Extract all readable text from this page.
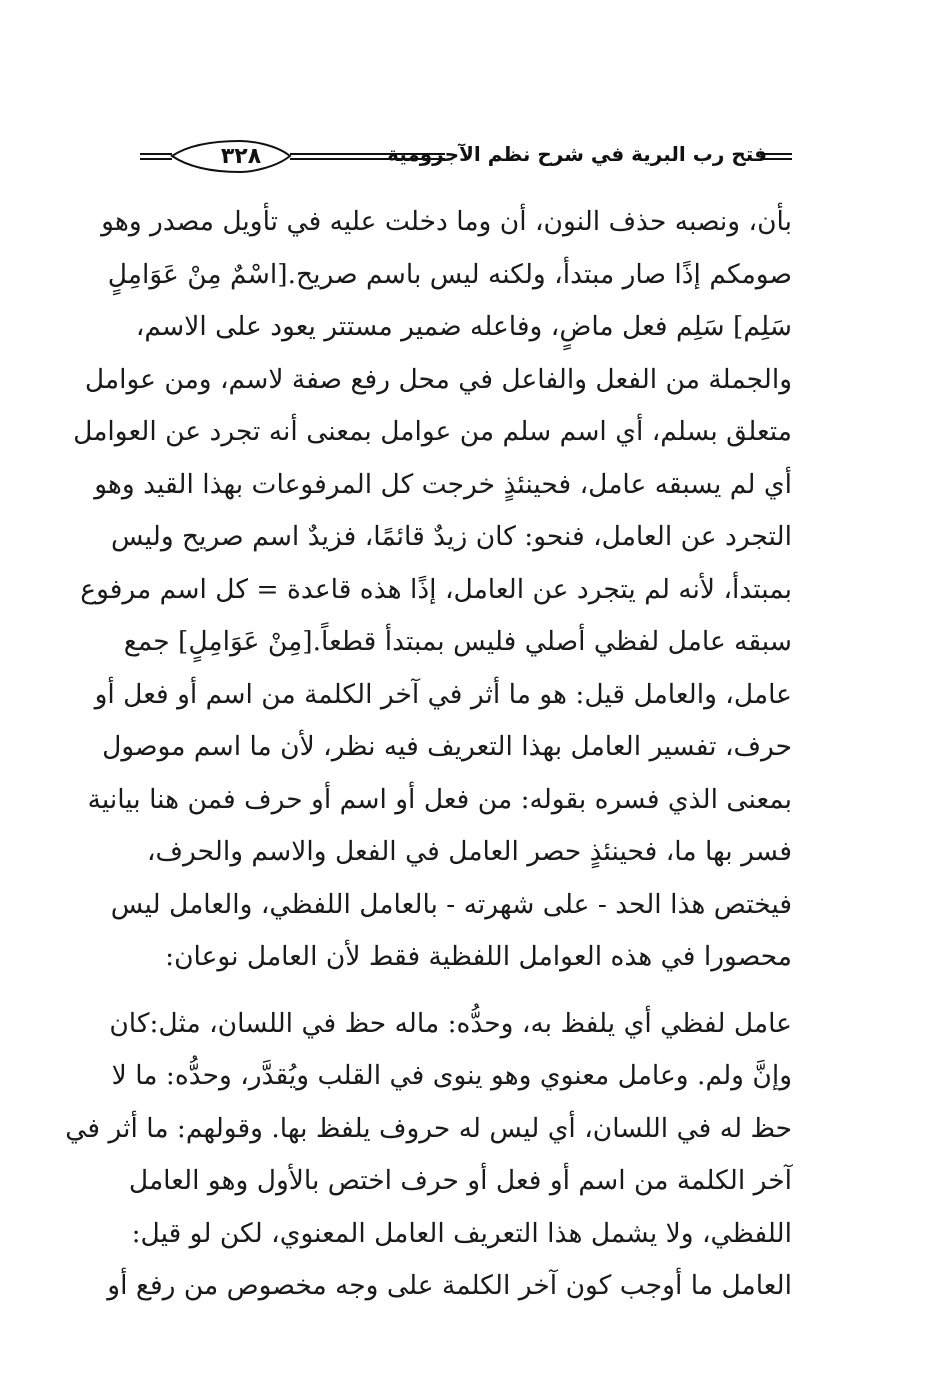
فتح رب البرية في شرح نظم الآجرومية
٣٢٨
بأن، ونصبه حذف النون، أن وما دخلت عليه في تأويل مصدر وهو
صومكم إذًا صار مبتدأ، ولكنه ليس باسم صريح.[اسْمٌ مِنْ عَوَامِلٍ
سَلِم] سَلِم فعل ماضٍ، وفاعله ضمير مستتر يعود على الاسم،
والجملة من الفعل والفاعل في محل رفع صفة لاسم، ومن عوامل
متعلق بسلم، أي اسم سلم من عوامل بمعنى أنه تجرد عن العوامل
أي لم يسبقه عامل، فحينئذٍ خرجت كل المرفوعات بهذا القيد وهو
التجرد عن العامل، فنحو: كان زيدٌ قائمًا، فزيدٌ اسم صريح وليس
بمبتدأ، لأنه لم يتجرد عن العامل، إذًا هذه قاعدة = كل اسم مرفوع
سبقه عامل لفظي أصلي فليس بمبتدأ قطعاً.[مِنْ عَوَامِلٍ] جمع
عامل، والعامل قيل: هو ما أثر في آخر الكلمة من اسم أو فعل أو
حرف، تفسير العامل بهذا التعريف فيه نظر، لأن ما اسم موصول
بمعنى الذي فسره بقوله: من فعل أو اسم أو حرف فمن هنا بيانية
فسر بها ما، فحينئذٍ حصر العامل في الفعل والاسم والحرف،
فيختص هذا الحد - على شهرته - بالعامل اللفظي، والعامل ليس
محصورا في هذه العوامل اللفظية فقط لأن العامل نوعان:
عامل لفظي أي يلفظ به، وحدُّه: ماله حظ في اللسان، مثل:كان
وإنَّ ولم. وعامل معنوي وهو ينوى في القلب ويُقدَّر، وحدُّه: ما لا
حظ له في اللسان، أي ليس له حروف يلفظ بها. وقولهم: ما أثر في
آخر الكلمة من اسم أو فعل أو حرف اختص بالأول وهو العامل
اللفظي، ولا يشمل هذا التعريف العامل المعنوي، لكن لو قيل:
العامل ما أوجب كون آخر الكلمة على وجه مخصوص من رفع أو
